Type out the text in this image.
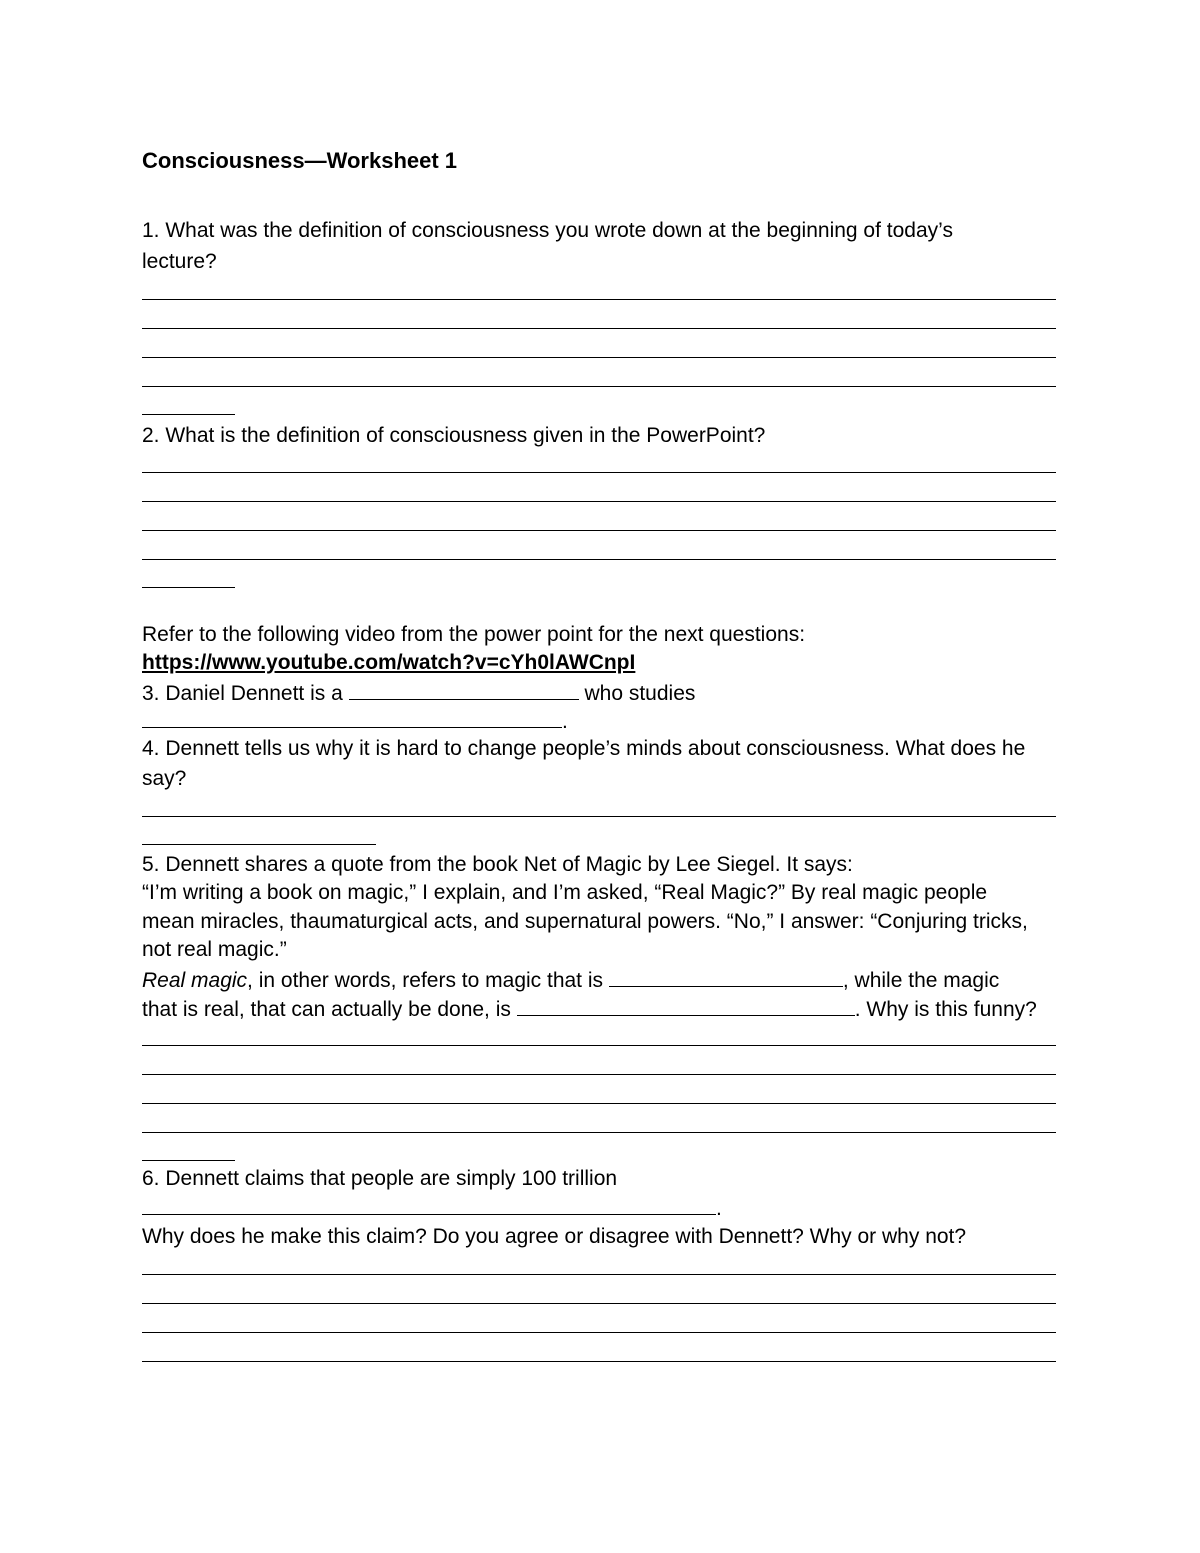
Consciousness—Worksheet 1
1. What was the definition of consciousness you wrote down at the beginning of today’s
lecture?
2. What is the definition of consciousness given in the PowerPoint?
Refer to the following video from the power point for the next questions:
https://www.youtube.com/watch?v=cYh0lAWCnpI
3. Daniel Dennett is a	who studies
.
4. Dennett tells us why it is hard to change people’s minds about consciousness. What does he
say?
5. Dennett shares a quote from the book Net of Magic by Lee Siegel. It says:
“I’m writing a book on magic,” I explain, and I’m asked, “Real Magic?” By real magic people
mean miracles, thaumaturgical acts, and supernatural powers. “No,” I answer: “Conjuring tricks,
not real magic.”
Real magic, in other words, refers to magic that is	, while the magic
that is real, that can actually be done, is	. Why is this funny?
6. Dennett claims that people are simply 100 trillion
.
Why does he make this claim? Do you agree or disagree with Dennett? Why or why not?
